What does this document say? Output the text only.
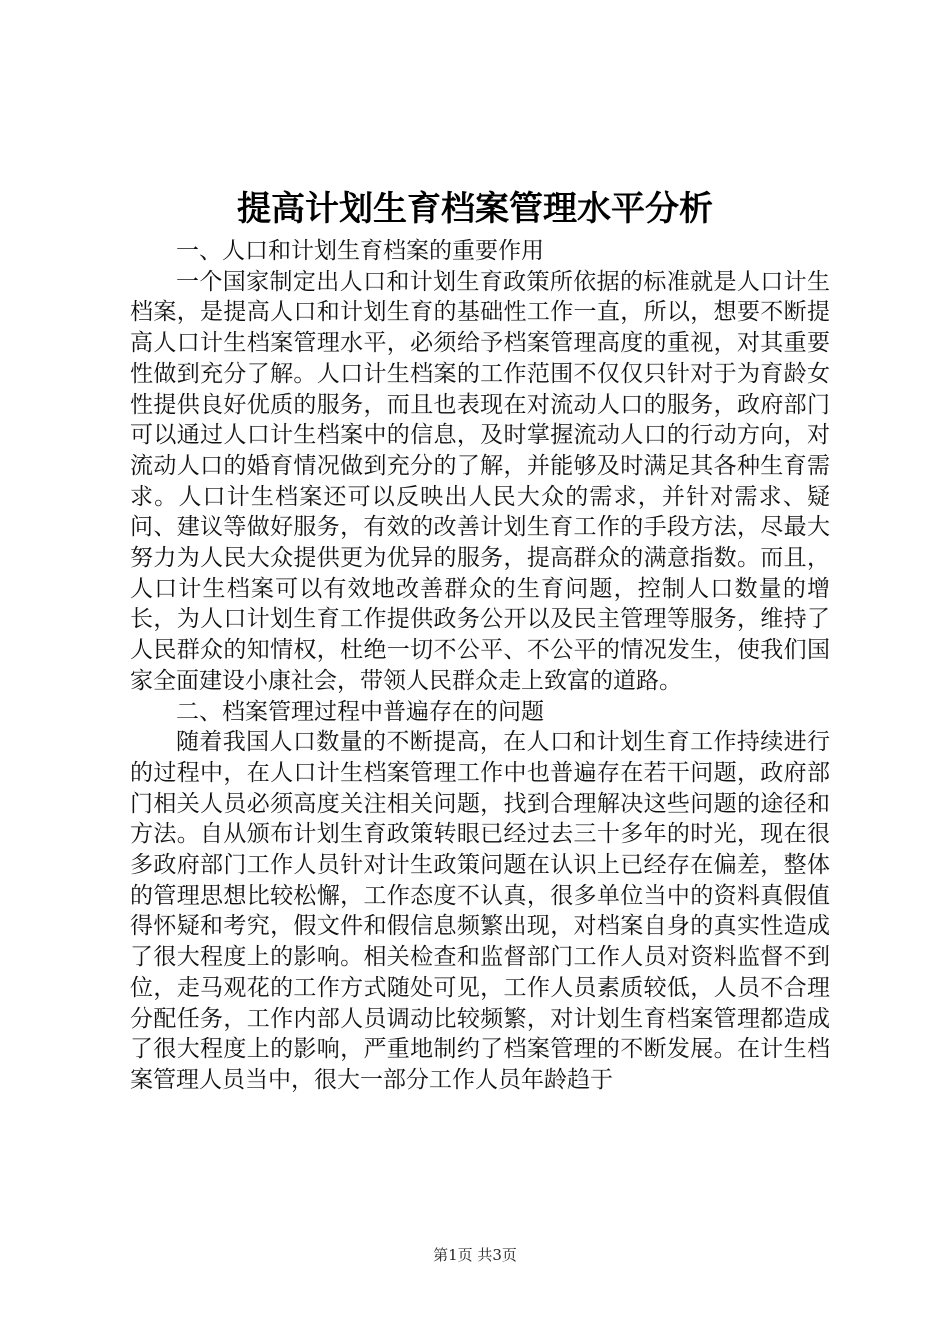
提高计划生育档案管理水平分析

一、人口和计划生育档案的重要作用

一个国家制定出人口和计划生育政策所依据的标准就是人口计生档案，是提高人口和计划生育的基础性工作一直，所以，想要不断提高人口计生档案管理水平，必须给予档案管理高度的重视，对其重要性做到充分了解。人口计生档案的工作范围不仅仅只针对于为育龄女性提供良好优质的服务，而且也表现在对流动人口的服务，政府部门可以通过人口计生档案中的信息，及时掌握流动人口的行动方向，对流动人口的婚育情况做到充分的了解，并能够及时满足其各种生育需求。人口计生档案还可以反映出人民大众的需求，并针对需求、疑问、建议等做好服务，有效的改善计划生育工作的手段方法，尽最大努力为人民大众提供更为优异的服务，提高群众的满意指数。而且，人口计生档案可以有效地改善群众的生育问题，控制人口数量的增长，为人口计划生育工作提供政务公开以及民主管理等服务，维持了人民群众的知情权，杜绝一切不公平、不公平的情况发生，使我们国家全面建设小康社会，带领人民群众走上致富的道路。

二、档案管理过程中普遍存在的问题

随着我国人口数量的不断提高，在人口和计划生育工作持续进行的过程中，在人口计生档案管理工作中也普遍存在若干问题，政府部门相关人员必须高度关注相关问题，找到合理解决这些问题的途径和方法。自从颁布计划生育政策转眼已经过去三十多年的时光，现在很多政府部门工作人员针对计生政策问题在认识上已经存在偏差，整体的管理思想比较松懈，工作态度不认真，很多单位当中的资料真假值得怀疑和考究，假文件和假信息频繁出现，对档案自身的真实性造成了很大程度上的影响。相关检查和监督部门工作人员对资料监督不到位，走马观花的工作方式随处可见，工作人员素质较低，人员不合理分配任务，工作内部人员调动比较频繁，对计划生育档案管理都造成了很大程度上的影响，严重地制约了档案管理的不断发展。在计生档案管理人员当中，很大一部分工作人员年龄趋于

第1页 共3页
